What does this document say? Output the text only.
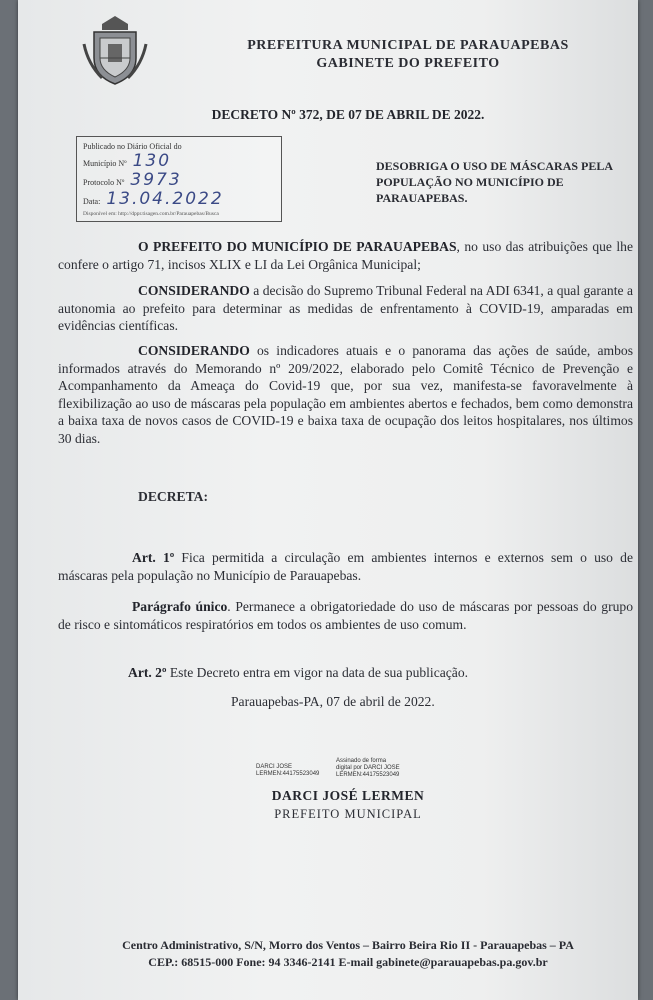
PREFEITURA MUNICIPAL DE PARAUAPEBAS
GABINETE DO PREFEITO
DECRETO Nº 372, DE 07 DE ABRIL DE 2022.
Publicado no Diário Oficial do
Município Nº 130
Protocolo Nº 3973
Data: 13.04.2022
Disponível em: http://dppr.tisagen.com.br/Parauapebas/Busca
DESOBRIGA O USO DE MÁSCARAS PELA POPULAÇÃO NO MUNICÍPIO DE PARAUAPEBAS.
O PREFEITO DO MUNICÍPIO DE PARAUAPEBAS, no uso das atribuições que lhe confere o artigo 71, incisos XLIX e LI da Lei Orgânica Municipal;
CONSIDERANDO a decisão do Supremo Tribunal Federal na ADI 6341, a qual garante a autonomia ao prefeito para determinar as medidas de enfrentamento à COVID-19, amparadas em evidências científicas.
CONSIDERANDO os indicadores atuais e o panorama das ações de saúde, ambos informados através do Memorando nº 209/2022, elaborado pelo Comitê Técnico de Prevenção e Acompanhamento da Ameaça do Covid-19 que, por sua vez, manifesta-se favoravelmente à flexibilização ao uso de máscaras pela população em ambientes abertos e fechados, bem como demonstra a baixa taxa de novos casos de COVID-19 e baixa taxa de ocupação dos leitos hospitalares, nos últimos 30 dias.
DECRETA:
Art. 1º Fica permitida a circulação em ambientes internos e externos sem o uso de máscaras pela população no Município de Parauapebas.
Parágrafo único. Permanece a obrigatoriedade do uso de máscaras por pessoas do grupo de risco e sintomáticos respiratórios em todos os ambientes de uso comum.
Art. 2º Este Decreto entra em vigor na data de sua publicação.
Parauapebas-PA, 07 de abril de 2022.
DARCI JOSE
LERMEN:44175523049
Assinado de forma
digital por DARCI JOSE
LERMEN:44175523049
DARCI JOSÉ LERMEN
PREFEITO MUNICIPAL
Centro Administrativo, S/N, Morro dos Ventos – Bairro Beira Rio II - Parauapebas – PA
CEP.: 68515-000 Fone: 94 3346-2141 E-mail gabinete@parauapebas.pa.gov.br
